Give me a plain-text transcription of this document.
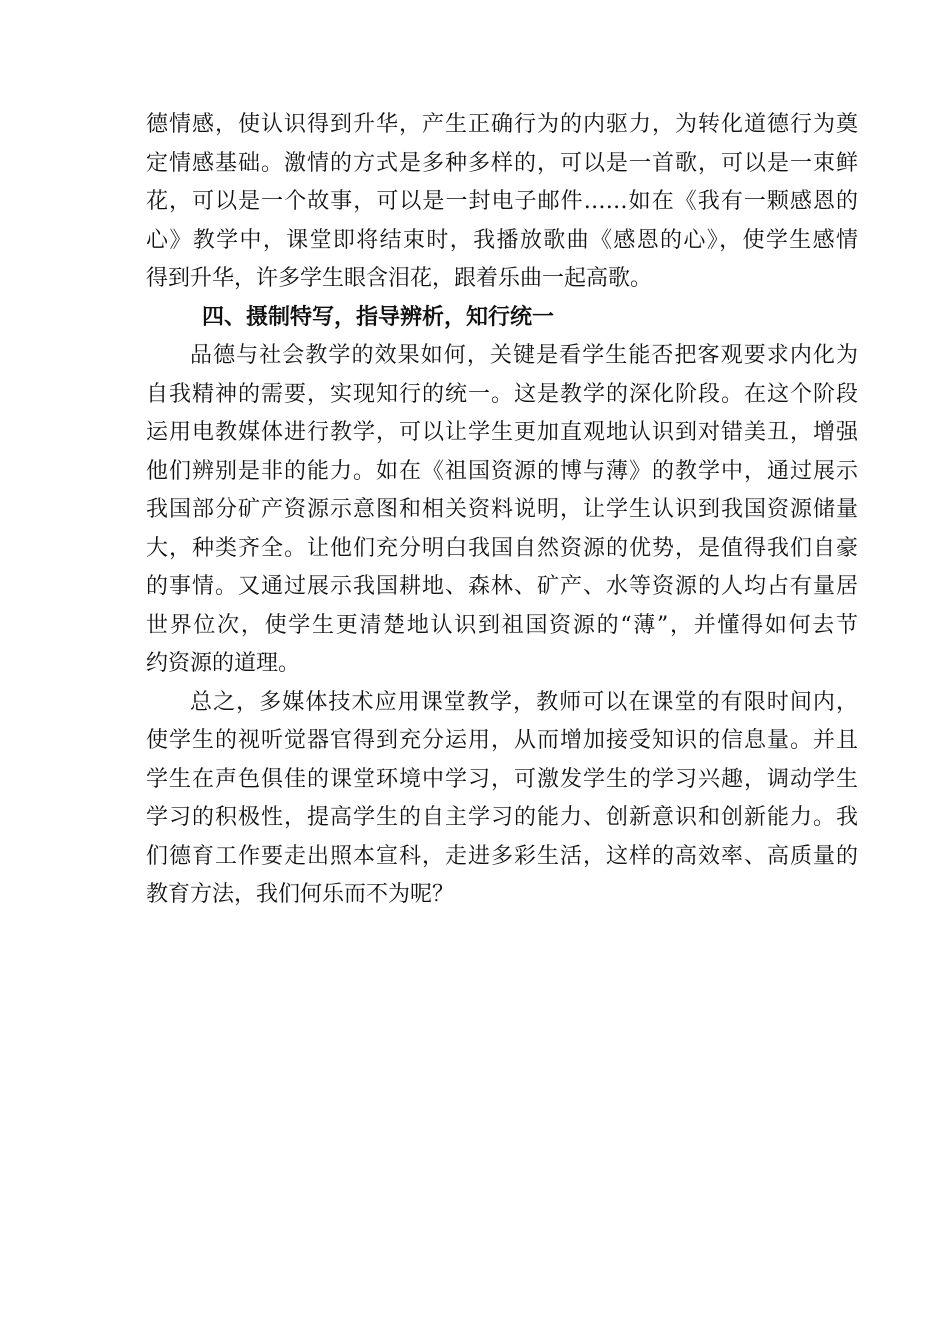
德情感，使认识得到升华，产生正确行为的内驱力，为转化道德行为奠
定情感基础。激情的方式是多种多样的，可以是一首歌，可以是一束鲜
花，可以是一个故事，可以是一封电子邮件……如在《我有一颗感恩的
心》教学中，课堂即将结束时，我播放歌曲《感恩的心》，使学生感情
得到升华，许多学生眼含泪花，跟着乐曲一起高歌。
四、摄制特写，指导辨析，知行统一
品德与社会教学的效果如何，关键是看学生能否把客观要求内化为
自我精神的需要，实现知行的统一。这是教学的深化阶段。在这个阶段
运用电教媒体进行教学，可以让学生更加直观地认识到对错美丑，增强
他们辨别是非的能力。如在《祖国资源的博与薄》的教学中，通过展示
我国部分矿产资源示意图和相关资料说明，让学生认识到我国资源储量
大，种类齐全。让他们充分明白我国自然资源的优势，是值得我们自豪
的事情。又通过展示我国耕地、森林、矿产、水等资源的人均占有量居
世界位次，使学生更清楚地认识到祖国资源的“薄”，并懂得如何去节
约资源的道理。
总之，多媒体技术应用课堂教学，教师可以在课堂的有限时间内，
使学生的视听觉器官得到充分运用，从而增加接受知识的信息量。并且
学生在声色俱佳的课堂环境中学习，可激发学生的学习兴趣，调动学生
学习的积极性，提高学生的自主学习的能力、创新意识和创新能力。我
们德育工作要走出照本宣科，走进多彩生活，这样的高效率、高质量的
教育方法，我们何乐而不为呢？
